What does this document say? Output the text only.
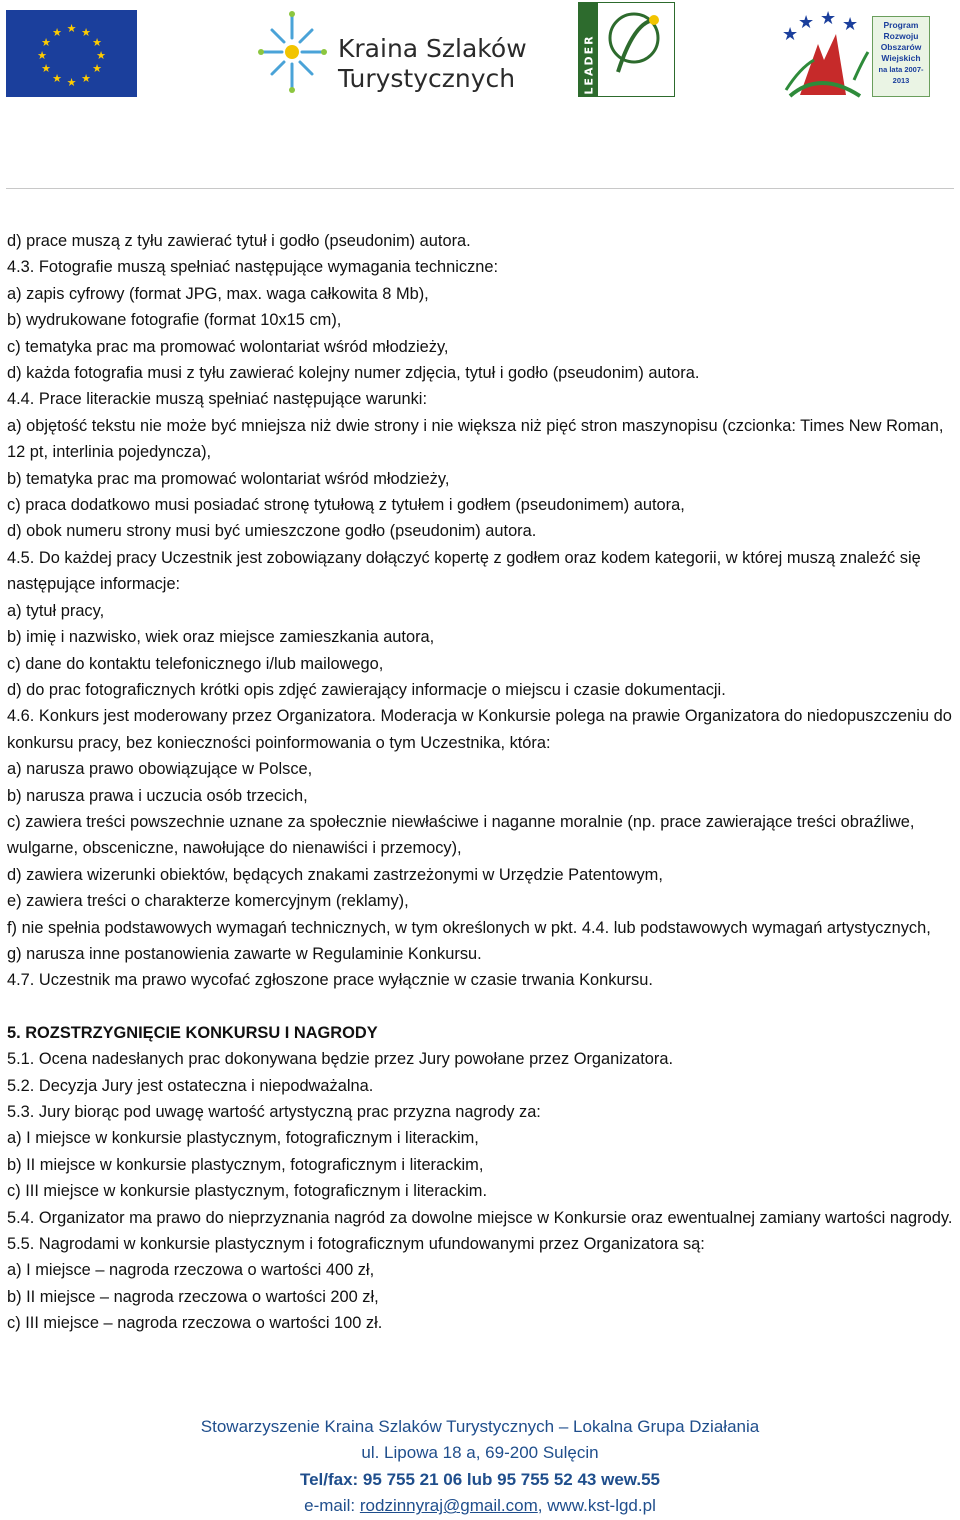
★ ★
★
★
★
★
★
★
★
★
★
★
Kraina Szlaków
Turystycznych	LEADER	★
★ ★ ★	Program
Rozwoju
Obszarów
Wiejskich
na lata 2007-2013

d) prace muszą z tyłu zawierać tytuł i godło (pseudonim) autora.

4.3. Fotografie muszą spełniać następujące wymagania techniczne:

a) zapis cyfrowy (format JPG, max. waga całkowita 8 Mb),

b) wydrukowane fotografie (format 10x15 cm),

c) tematyka prac ma promować wolontariat wśród młodzieży,

d) każda fotografia musi z tyłu zawierać kolejny numer zdjęcia, tytuł i godło (pseudonim) autora.

4.4. Prace literackie muszą spełniać następujące warunki:

a) objętość tekstu nie może być mniejsza niż dwie strony i nie większa niż pięć stron maszynopisu (czcionka: Times New Roman, 12 pt, interlinia pojedyncza),

b) tematyka prac ma promować wolontariat wśród młodzieży,

c) praca dodatkowo musi posiadać stronę tytułową z tytułem i godłem (pseudonimem) autora,

d) obok numeru strony musi być umieszczone godło (pseudonim) autora.

4.5. Do każdej pracy Uczestnik jest zobowiązany dołączyć kopertę z godłem oraz kodem kategorii, w której muszą znaleźć się następujące informacje:

a) tytuł pracy,

b) imię i nazwisko, wiek oraz miejsce zamieszkania autora,

c) dane do kontaktu telefonicznego i/lub mailowego,

d) do prac fotograficznych krótki opis zdjęć zawierający informacje o miejscu i czasie dokumentacji.

4.6. Konkurs jest moderowany przez Organizatora. Moderacja w Konkursie polega na prawie Organizatora do niedopuszczeniu do konkursu pracy, bez konieczności poinformowania o tym Uczestnika, która:

a) narusza prawo obowiązujące w Polsce,

b) narusza prawa i uczucia osób trzecich,

c) zawiera treści powszechnie uznane za społecznie niewłaściwe i naganne moralnie (np. prace zawierające treści obraźliwe, wulgarne, obsceniczne, nawołujące do nienawiści i przemocy),

d) zawiera wizerunki obiektów, będących znakami zastrzeżonymi w Urzędzie Patentowym,

e) zawiera treści o charakterze komercyjnym (reklamy),

f) nie spełnia podstawowych wymagań technicznych, w tym określonych w pkt. 4.4. lub podstawowych wymagań artystycznych,

g) narusza inne postanowienia zawarte w Regulaminie Konkursu.

4.7. Uczestnik ma prawo wycofać zgłoszone prace wyłącznie w czasie trwania Konkursu.

5. ROZSTRZYGNIĘCIE KONKURSU I NAGRODY

5.1. Ocena nadesłanych prac dokonywana będzie przez Jury powołane przez Organizatora.

5.2. Decyzja Jury jest ostateczna i niepodważalna.

5.3. Jury biorąc pod uwagę wartość artystyczną prac przyzna nagrody za:

a) I miejsce w konkursie plastycznym, fotograficznym i literackim,

b) II miejsce w konkursie plastycznym, fotograficznym i literackim,

c) III miejsce w konkursie plastycznym, fotograficznym i literackim.

5.4. Organizator ma prawo do nieprzyznania nagród za dowolne miejsce w Konkursie oraz ewentualnej zamiany wartości nagrody.

5.5. Nagrodami w konkursie plastycznym i fotograficznym ufundowanymi przez Organizatora są:

a) I miejsce – nagroda rzeczowa o wartości 400 zł,

b) II miejsce – nagroda rzeczowa o wartości 200 zł,

c) III miejsce – nagroda rzeczowa o wartości 100 zł.

Stowarzyszenie Kraina Szlaków Turystycznych – Lokalna Grupa Działania
ul. Lipowa 18 a, 69-200 Sulęcin
Tel/fax: 95 755 21 06 lub 95 755 52 43 wew.55
e-mail: rodzinnyraj@gmail.com, www.kst-lgd.pl
